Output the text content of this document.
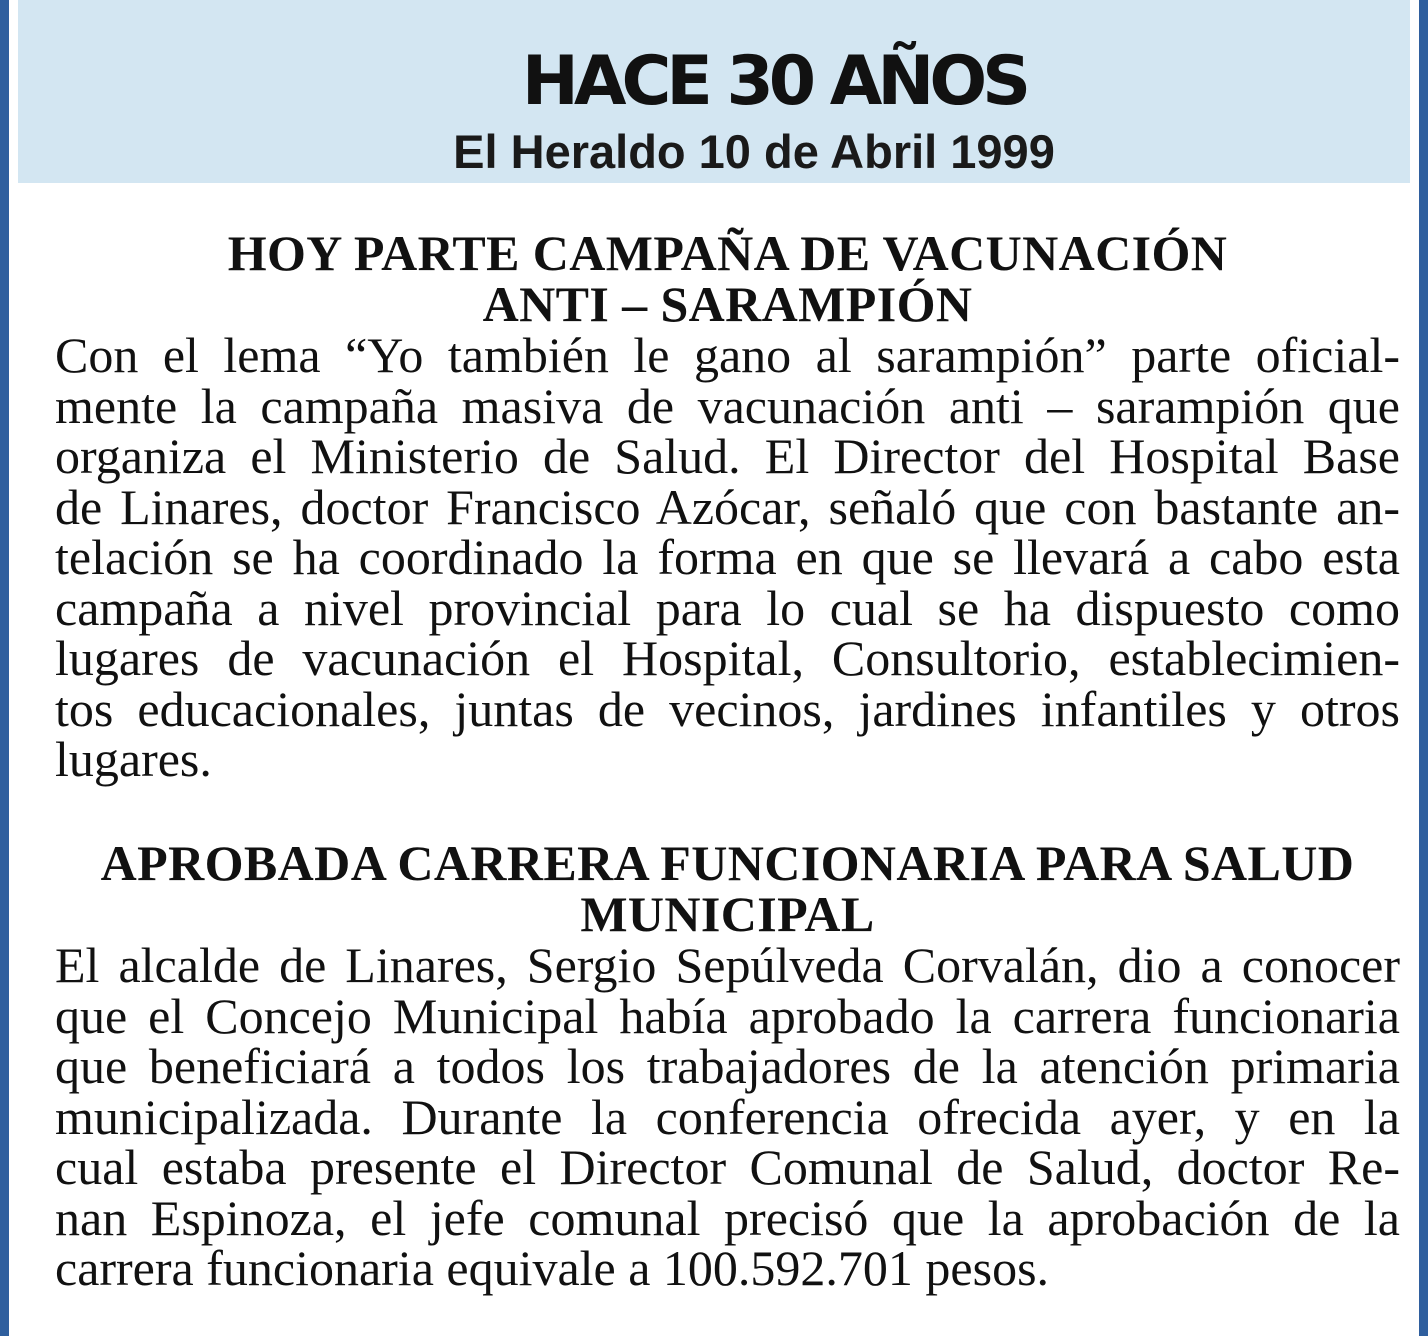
HACE 30 AÑOS
El Heraldo 10 de Abril 1999
HOY PARTE CAMPAÑA DE VACUNACIÓN
ANTI – SARAMPIÓN
Con el lema “Yo también le gano al sarampión” parte oficial-
mente la campaña masiva de vacunación anti – sarampión que
organiza el Ministerio de Salud. El Director del Hospital Base
de Linares, doctor Francisco Azócar, señaló que con bastante an-
telación se ha coordinado la forma en que se llevará a cabo esta
campaña a nivel provincial para lo cual se ha dispuesto como
lugares de vacunación el Hospital, Consultorio, establecimien-
tos educacionales, juntas de vecinos, jardines infantiles y otros
lugares.
APROBADA CARRERA FUNCIONARIA PARA SALUD
MUNICIPAL
El alcalde de Linares, Sergio Sepúlveda Corvalán, dio a conocer
que el Concejo Municipal había aprobado la carrera funcionaria
que beneficiará a todos los trabajadores de la atención primaria
municipalizada. Durante la conferencia ofrecida ayer, y en la
cual estaba presente el Director Comunal de Salud, doctor Re-
nan Espinoza, el jefe comunal precisó que la aprobación de la
carrera funcionaria equivale a 100.592.701 pesos.
